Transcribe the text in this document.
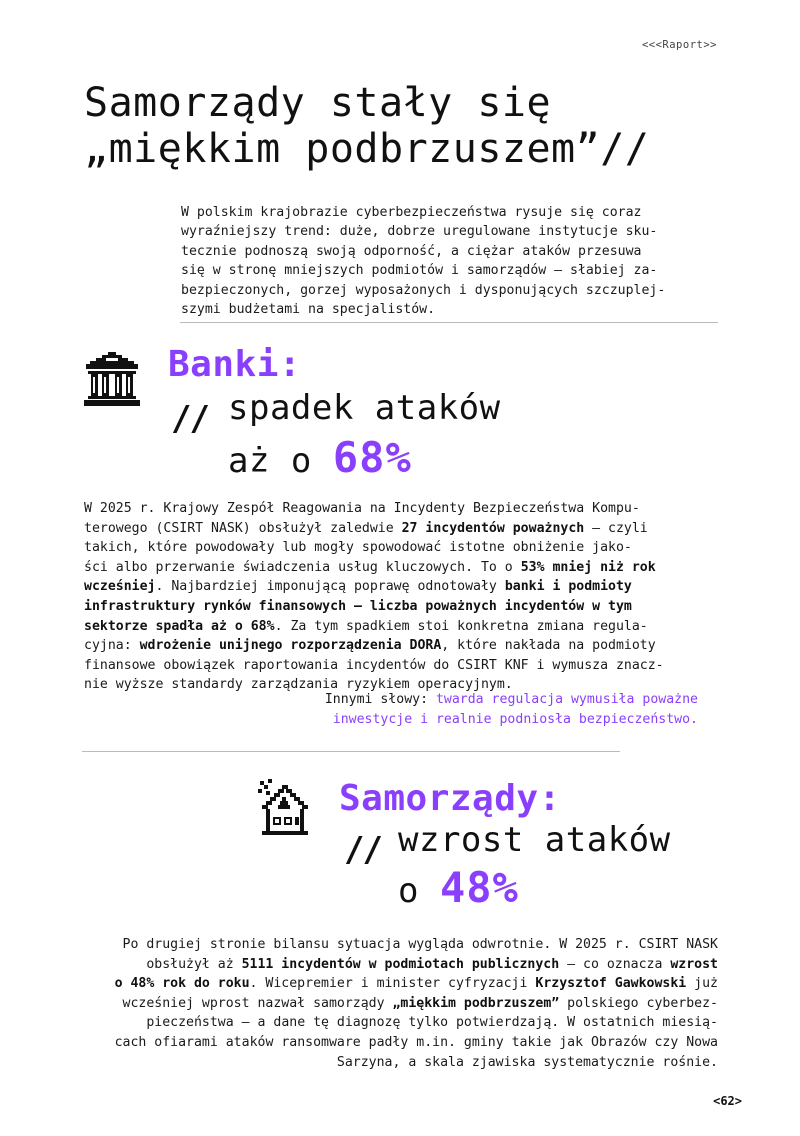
<<<Raport>>
Samorządy stały się
„miękkim podbrzuszem”//
W polskim krajobrazie cyberbezpieczeństwa rysuje się coraz
wyraźniejszy trend: duże, dobrze uregulowane instytucje sku-
tecznie podnoszą swoją odporność, a ciężar ataków przesuwa
się w stronę mniejszych podmiotów i samorządów — słabiej za-
bezpieczonych, gorzej wyposażonych i dysponujących szczuplej-
szymi budżetami na specjalistów.
Banki:
// spadek ataków
aż o 68%
W 2025 r. Krajowy Zespół Reagowania na Incydenty Bezpieczeństwa Kompu-
terowego (CSIRT NASK) obsłużył zaledwie 27 incydentów poważnych — czyli
takich, które powodowały lub mogły spowodować istotne obniżenie jako-
ści albo przerwanie świadczenia usług kluczowych. To o 53% mniej niż rok
wcześniej. Najbardziej imponującą poprawę odnotowały banki i podmioty
infrastruktury rynków finansowych — liczba poważnych incydentów w tym
sektorze spadła aż o 68%. Za tym spadkiem stoi konkretna zmiana regula-
cyjna: wdrożenie unijnego rozporządzenia DORA, które nakłada na podmioty
finansowe obowiązek raportowania incydentów do CSIRT KNF i wymusza znacz-
nie wyższe standardy zarządzania ryzykiem operacyjnym.
Innymi słowy: twarda regulacja wymusiła poważne
inwestycje i realnie podniosła bezpieczeństwo.
Samorządy:
// wzrost ataków
o 48%
Po drugiej stronie bilansu sytuacja wygląda odwrotnie. W 2025 r. CSIRT NASK
obsłużył aż 5111 incydentów w podmiotach publicznych — co oznacza wzrost
o 48% rok do roku. Wicepremier i minister cyfryzacji Krzysztof Gawkowski już
wcześniej wprost nazwał samorządy „miękkim podbrzuszem” polskiego cyberbez-
pieczeństwa — a dane tę diagnozę tylko potwierdzają. W ostatnich miesią-
cach ofiarami ataków ransomware padły m.in. gminy takie jak Obrazów czy Nowa
Sarzyna, a skala zjawiska systematycznie rośnie.
<62>
